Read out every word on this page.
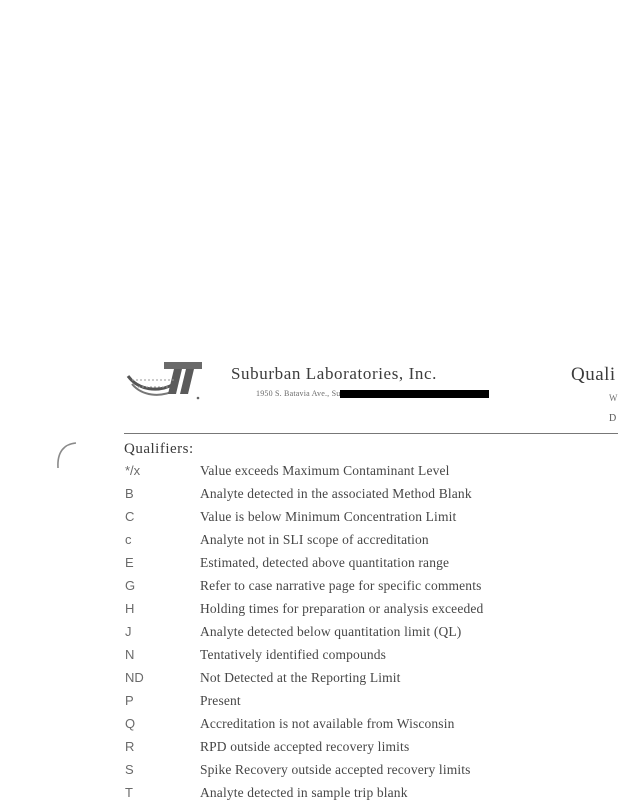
Suburban Laboratories, Inc.
1950 S. Batavia Ave., Su
Quali
W
D
Qualifiers:
*/x	Value exceeds Maximum Contaminant Level
B	Analyte detected in the associated Method Blank
C	Value is below Minimum Concentration Limit
c	Analyte not in SLI scope of accreditation
E	Estimated, detected above quantitation range
G	Refer to case narrative page for specific comments
H	Holding times for preparation or analysis exceeded
J	Analyte detected below quantitation limit (QL)
N	Tentatively identified compounds
ND	Not Detected at the Reporting Limit
P	Present
Q	Accreditation is not available from Wisconsin
R	RPD outside accepted recovery limits
S	Spike Recovery outside accepted recovery limits
T	Analyte detected in sample trip blank
